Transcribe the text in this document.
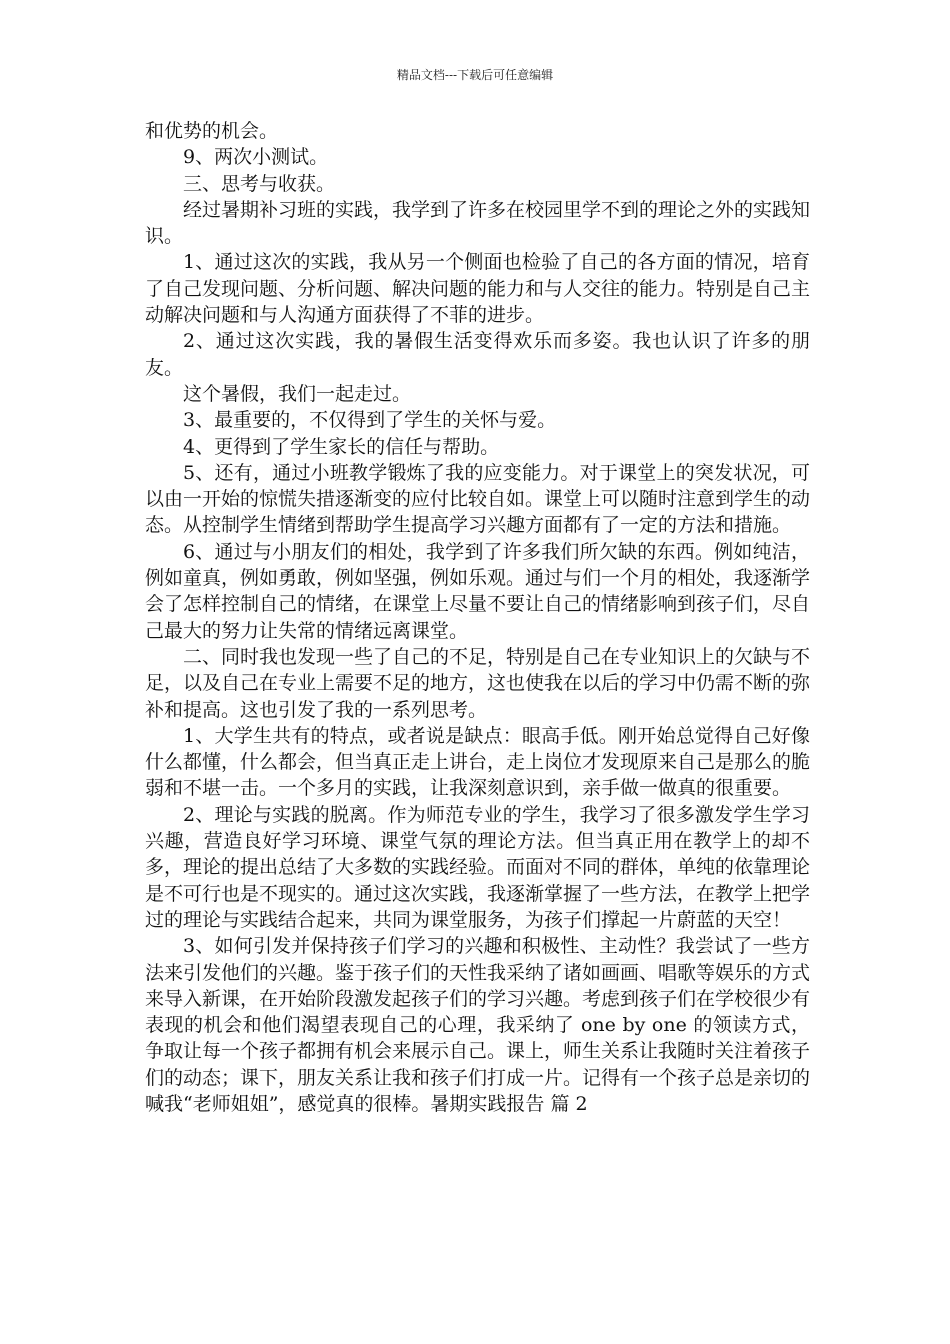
精品文档---下载后可任意编辑

和优势的机会。

9、两次小测试。

三、思考与收获。

经过暑期补习班的实践，我学到了许多在校园里学不到的理论之外的实践知识。

1、通过这次的实践，我从另一个侧面也检验了自己的各方面的情况，培育了自己发现问题、分析问题、解决问题的能力和与人交往的能力。特别是自己主动解决问题和与人沟通方面获得了不菲的进步。

2、通过这次实践，我的暑假生活变得欢乐而多姿。我也认识了许多的朋友。

这个暑假，我们一起走过。

3、最重要的，不仅得到了学生的关怀与爱。

4、更得到了学生家长的信任与帮助。

5、还有，通过小班教学锻炼了我的应变能力。对于课堂上的突发状况，可以由一开始的惊慌失措逐渐变的应付比较自如。课堂上可以随时注意到学生的动态。从控制学生情绪到帮助学生提高学习兴趣方面都有了一定的方法和措施。

6、通过与小朋友们的相处，我学到了许多我们所欠缺的东西。例如纯洁，例如童真，例如勇敢，例如坚强，例如乐观。通过与们一个月的相处，我逐渐学会了怎样控制自己的情绪，在课堂上尽量不要让自己的情绪影响到孩子们，尽自己最大的努力让失常的情绪远离课堂。

二、同时我也发现一些了自己的不足，特别是自己在专业知识上的欠缺与不足，以及自己在专业上需要不足的地方，这也使我在以后的学习中仍需不断的弥补和提高。这也引发了我的一系列思考。

1、大学生共有的特点，或者说是缺点：眼高手低。刚开始总觉得自己好像什么都懂，什么都会，但当真正走上讲台，走上岗位才发现原来自己是那么的脆弱和不堪一击。一个多月的实践，让我深刻意识到，亲手做一做真的很重要。

2、理论与实践的脱离。作为师范专业的学生，我学习了很多激发学生学习兴趣，营造良好学习环境、课堂气氛的理论方法。但当真正用在教学上的却不多，理论的提出总结了大多数的实践经验。而面对不同的群体，单纯的依靠理论是不可行也是不现实的。通过这次实践，我逐渐掌握了一些方法，在教学上把学过的理论与实践结合起来，共同为课堂服务，为孩子们撑起一片蔚蓝的天空！

3、如何引发并保持孩子们学习的兴趣和积极性、主动性？我尝试了一些方法来引发他们的兴趣。鉴于孩子们的天性我采纳了诸如画画、唱歌等娱乐的方式来导入新课，在开始阶段激发起孩子们的学习兴趣。考虑到孩子们在学校很少有表现的机会和他们渴望表现自己的心理，我采纳了 one by one 的领读方式，争取让每一个孩子都拥有机会来展示自己。课上，师生关系让我随时关注着孩子们的动态；课下，朋友关系让我和孩子们打成一片。记得有一个孩子总是亲切的喊我“老师姐姐”，感觉真的很棒。暑期实践报告 篇 2
